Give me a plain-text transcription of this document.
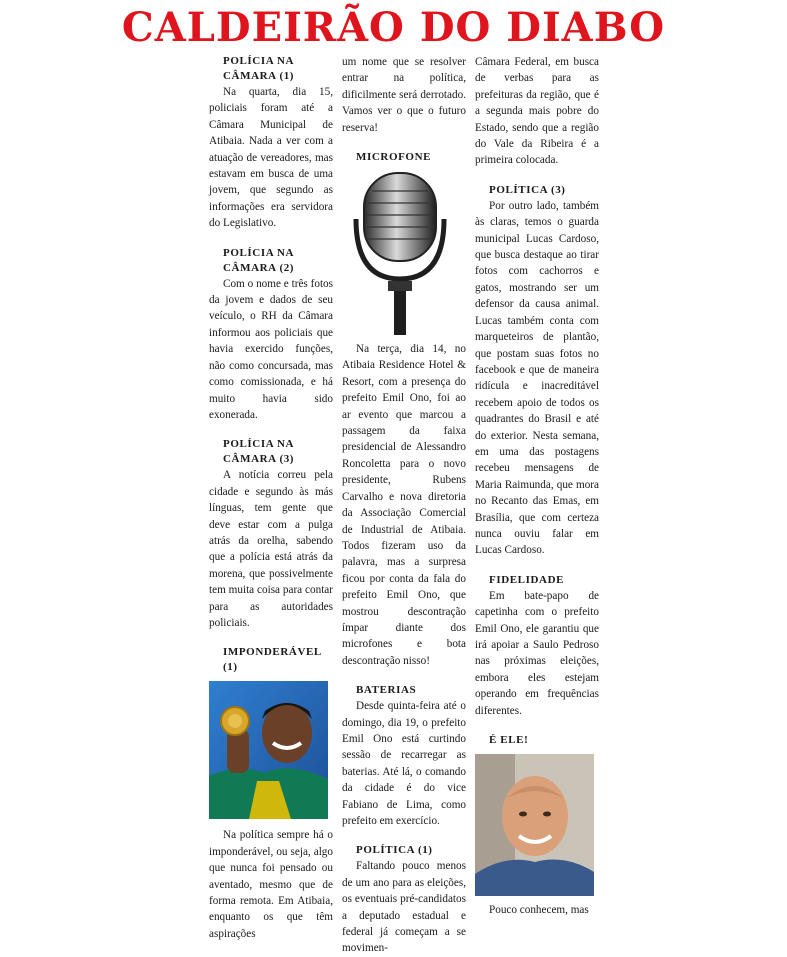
CALDEIRÃO DO DIABO
POLÍCIA NA CÂMARA (1)

Na quarta, dia 15, policiais foram até a Câmara Municipal de Atibaia. Nada a ver com a atuação de vereadores, mas estavam em busca de uma jovem, que segundo as informações era servidora do Legislativo.

POLÍCIA NA CÂMARA (2)

Com o nome e três fotos da jovem e dados de seu veículo, o RH da Câmara informou aos policiais que havia exercido funções, não como concursada, mas como comissionada, e há muito havia sido exonerada.

POLÍCIA NA CÂMARA (3)

A notícia correu pela cidade e segundo às más línguas, tem gente que deve estar com a pulga atrás da orelha, sabendo que a polícia está atrás da morena, que possivelmente tem muita coisa para contar para as autoridades policiais.

IMPONDERÁVEL (1)

Na política sempre há o imponderável, ou seja, algo que nunca foi pensado ou aventado, mesmo que de forma remota. Em Atibaia, enquanto os que têm aspirações

um nome que se resolver entrar na política, dificilmente será derrotado. Vamos ver o que o futuro reserva!

MICROFONE

Na terça, dia 14, no Atibaia Residence Hotel & Resort, com a presença do prefeito Emil Ono, foi ao ar evento que marcou a passagem da faixa presidencial de Alessandro Roncoletta para o novo presidente, Rubens Carvalho e nova diretoria da Associação Comercial de Industrial de Atibaia. Todos fizeram uso da palavra, mas a surpresa ficou por conta da fala do prefeito Emil Ono, que mostrou descontração ímpar diante dos microfones e bota descontração nisso!

BATERIAS

Desde quinta-feira até o domingo, dia 19, o prefeito Emil Ono está curtindo sessão de recarregar as baterias. Até lá, o comando da cidade é do vice Fabiano de Lima, como prefeito em exercício.

POLÍTICA (1)

Faltando pouco menos de um ano para as eleições, os eventuais pré-candidatos a deputado estadual e federal já começam a se movimen-

Câmara Federal, em busca de verbas para as prefeituras da região, que é a segunda mais pobre do Estado, sendo que a região do Vale da Ribeira é a primeira colocada.

POLÍTICA (3)

Por outro lado, também às claras, temos o guarda municipal Lucas Cardoso, que busca destaque ao tirar fotos com cachorros e gatos, mostrando ser um defensor da causa animal. Lucas também conta com marqueteiros de plantão, que postam suas fotos no facebook e que de maneira ridícula e inacreditável recebem apoio de todos os quadrantes do Brasil e até do exterior. Nesta semana, em uma das postagens recebeu mensagens de Maria Raimunda, que mora no Recanto das Emas, em Brasília, que com certeza nunca ouviu falar em Lucas Cardoso.

FIDELIDADE

Em bate-papo de capetinha com o prefeito Emil Ono, ele garantiu que irá apoiar a Saulo Pedroso nas próximas eleições, embora eles estejam operando em frequências diferentes.

É ELE!

Pouco conhecem, mas
